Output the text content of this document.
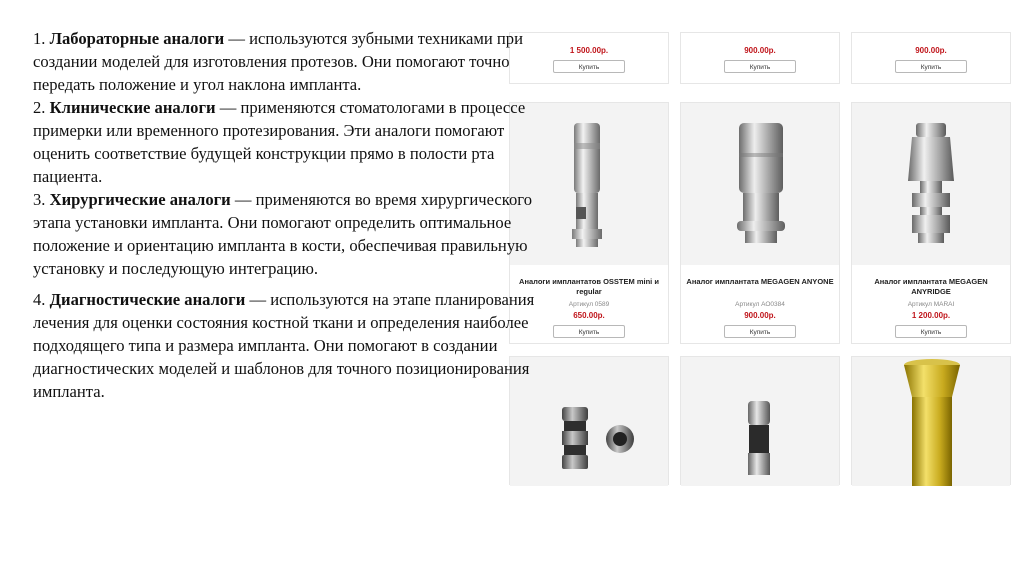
1. Лабораторные аналоги — используются зубными техниками при создании моделей для изготовления протезов. Они помогают точно передать положение и угол наклона импланта.

2. Клинические аналоги — применяются стоматологами в процессе примерки или временного протезирования. Эти аналоги помогают оценить соответствие будущей конструкции прямо в полости рта пациента.

3. Хирургические аналоги — применяются во время хирургического этапа установки импланта. Они помогают определить оптимальное положение и ориентацию импланта в кости, обеспечивая правильную установку и последующую интеграцию.

4. Диагностические аналоги — используются на этапе планирования лечения для оценки состояния костной ткани и определения наиболее подходящего типа и размера импланта. Они помогают в создании диагностических моделей и шаблонов для точного позиционирования импланта.

1 500.00р.
Купить
900.00р.
Купить
900.00р.
Купить
Аналоги имплантатов OSSTEM mini и regular
Артикул 0589
650.00р.
Купить
Аналог имплантата MEGAGEN ANYONE
Артикул АО0384
900.00р.
Купить
Аналог имплантата MEGAGEN ANYRIDGE
Артикул MARAI
1 200.00р.
Купить
